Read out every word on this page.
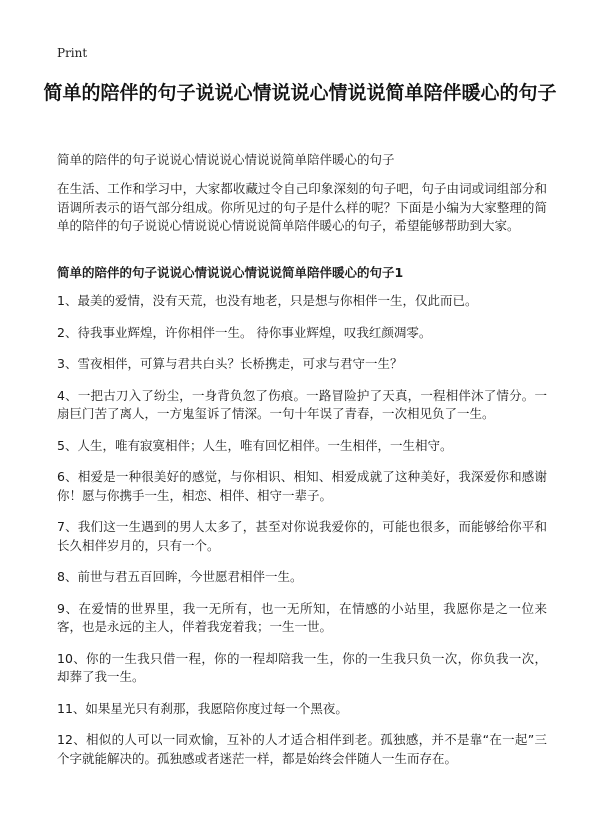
Print
简单的陪伴的句子说说心情说说心情说说简单陪伴暖心的句子
简单的陪伴的句子说说心情说说心情说说简单陪伴暖心的句子
在生活、工作和学习中，大家都收藏过令自己印象深刻的句子吧，句子由词或词组部分和语调所表示的语气部分组成。你所见过的句子是什么样的呢？下面是小编为大家整理的简单的陪伴的句子说说心情说说心情说说简单陪伴暖心的句子，希望能够帮助到大家。
简单的陪伴的句子说说心情说说心情说说简单陪伴暖心的句子1

1、最美的爱情，没有天荒，也没有地老，只是想与你相伴一生，仅此而已。

2、待我事业辉煌，许你相伴一生。 待你事业辉煌，叹我红颜凋零。

3、雪夜相伴，可算与君共白头？长桥携走，可求与君守一生？

4、一把古刀入了纷尘，一身背负忽了伤痕。一路冒险护了天真，一程相伴沐了情分。一扇巨门苦了离人，一方鬼玺诉了情深。一句十年误了青春，一次相见负了一生。

5、人生，唯有寂寞相伴；人生，唯有回忆相伴。一生相伴，一生相守。

6、相爱是一种很美好的感觉，与你相识、相知、相爱成就了这种美好，我深爱你和感谢你！愿与你携手一生，相恋、相伴、相守一辈子。

7、我们这一生遇到的男人太多了，甚至对你说我爱你的，可能也很多，而能够给你平和长久相伴岁月的，只有一个。

8、前世与君五百回眸，今世愿君相伴一生。

9、在爱情的世界里，我一无所有，也一无所知，在情感的小站里，我愿你是之一位来客，也是永远的主人，伴着我宠着我；一生一世。

10、你的一生我只借一程，你的一程却陪我一生，你的一生我只负一次，你负我一次，却葬了我一生。

11、如果星光只有刹那，我愿陪你度过每一个黑夜。

12、相似的人可以一同欢愉，互补的人才适合相伴到老。孤独感，并不是靠“在一起”三个字就能解决的。孤独感或者迷茫一样，都是始终会伴随人一生而存在。
